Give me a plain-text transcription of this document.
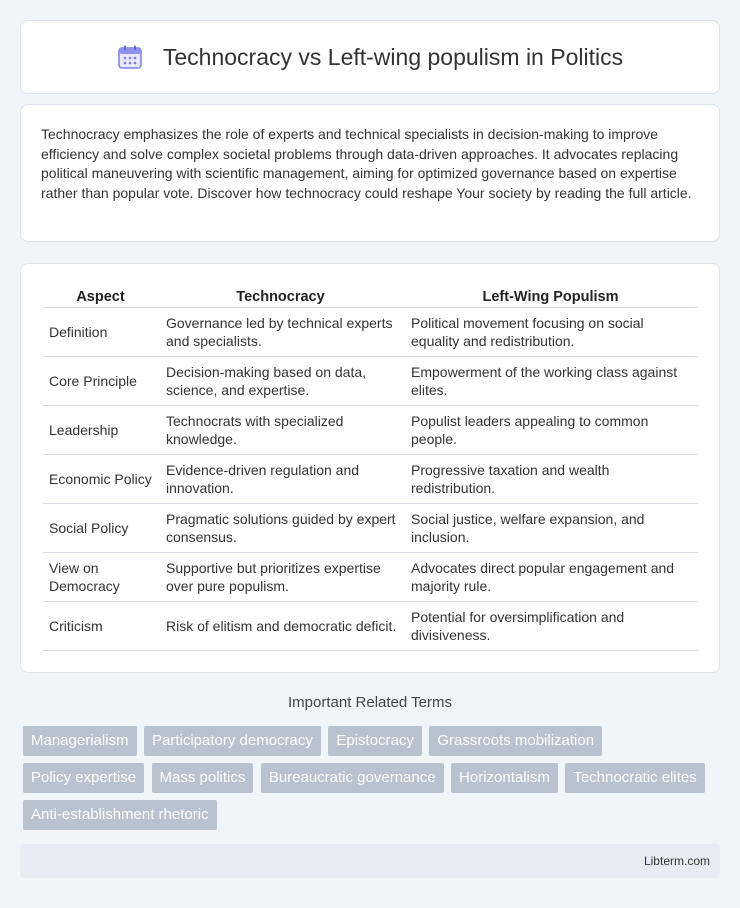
Technocracy vs Left-wing populism in Politics

Technocracy emphasizes the role of experts and technical specialists in decision-making to improve efficiency and solve complex societal problems through data-driven approaches. It advocates replacing political maneuvering with scientific management, aiming for optimized governance based on expertise rather than popular vote. Discover how technocracy could reshape Your society by reading the full article.

Aspect	Technocracy	Left-Wing Populism
Definition	Governance led by technical experts and specialists.	Political movement focusing on social equality and redistribution.
Core Principle	Decision-making based on data, science, and expertise.	Empowerment of the working class against elites.
Leadership	Technocrats with specialized knowledge.	Populist leaders appealing to common people.
Economic Policy	Evidence-driven regulation and innovation.	Progressive taxation and wealth redistribution.
Social Policy	Pragmatic solutions guided by expert consensus.	Social justice, welfare expansion, and inclusion.
View on Democracy	Supportive but prioritizes expertise over pure populism.	Advocates direct popular engagement and majority rule.
Criticism	Risk of elitism and democratic deficit.	Potential for oversimplification and divisiveness.
Important Related Terms
Managerialism Participatory democracy Epistocracy Grassroots mobilization Policy expertise Mass politics Bureaucratic governance Horizontalism Technocratic elites Anti-establishment rhetoric
Libterm.com
